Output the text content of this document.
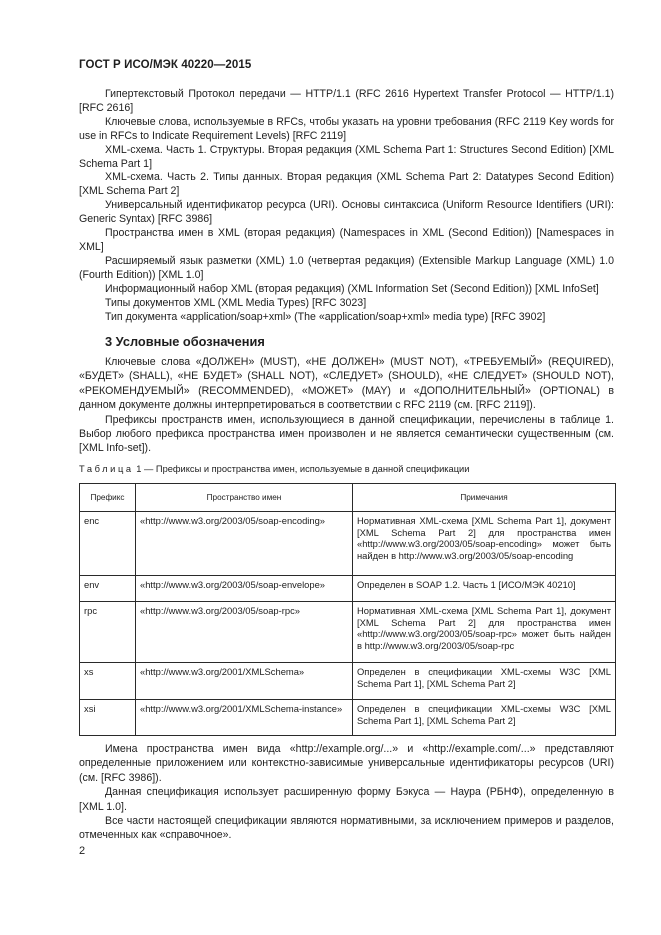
ГОСТ Р ИСО/МЭК 40220—2015

Гипертекстовый Протокол передачи — HTTP/1.1 (RFC 2616 Hypertext Transfer Protocol — HTTP/1.1) [RFC 2616]

Ключевые слова, используемые в RFCs, чтобы указать на уровни требования (RFC 2119 Key words for use in RFCs to Indicate Requirement Levels) [RFC 2119]

XML-схема. Часть 1. Структуры. Вторая редакция (XML Schema Part 1: Structures Second Edition) [XML Schema Part 1]

XML-схема. Часть 2. Типы данных. Вторая редакция (XML Schema Part 2: Datatypes Second Edition) [XML Schema Part 2]

Универсальный идентификатор ресурса (URI). Основы синтаксиса (Uniform Resource Identifiers (URI): Generic Syntax) [RFC 3986]

Пространства имен в XML (вторая редакция) (Namespaces in XML (Second Edition)) [Namespaces in XML]

Расширяемый язык разметки (XML) 1.0 (четвертая редакция) (Extensible Markup Language (XML) 1.0 (Fourth Edition)) [XML 1.0]

Информационный набор XML (вторая редакция) (XML Information Set (Second Edition)) [XML InfoSet]

Типы документов XML (XML Media Types) [RFC 3023]

Тип документа «application/soap+xml» (The «application/soap+xml» media type) [RFC 3902]

3 Условные обозначения

Ключевые слова «ДОЛЖЕН» (MUST), «НЕ ДОЛЖЕН» (MUST NOT), «ТРЕБУЕМЫЙ» (REQUIRED), «БУДЕТ» (SHALL), «НЕ БУДЕТ» (SHALL NOT), «СЛЕДУЕТ» (SHOULD), «НЕ СЛЕДУЕТ» (SHOULD NOT), «РЕКОМЕНДУЕМЫЙ» (RECOMMENDED), «МОЖЕТ» (MAY) и «ДОПОЛНИТЕЛЬНЫЙ» (OPTIONAL) в данном документе должны интерпретироваться в соответствии с RFC 2119 (см. [RFC 2119]).

Префиксы пространств имен, использующиеся в данной спецификации, перечислены в таблице 1. Выбор любого префикса пространства имен произволен и не является семантически существенным (см. [XML Info-set]).

Таблица 1 — Префиксы и пространства имен, используемые в данной спецификации
Префикс	Пространство имен	Примечания
enc	«http://www.w3.org/2003/05/soap-encoding»	Нормативная XML-схема [XML Schema Part 1], документ [XML Schema Part 2] для пространства имен «http://www.w3.org/2003/05/soap-encoding» может быть найден в http://www.w3.org/2003/05/soap-encoding
env	«http://www.w3.org/2003/05/soap-envelope»	Определен в SOAP 1.2. Часть 1 [ИСО/МЭК 40210]
rpc	«http://www.w3.org/2003/05/soap-rpc»	Нормативная XML-схема [XML Schema Part 1], документ [XML Schema Part 2] для пространства имен «http://www.w3.org/2003/05/soap-rpc» может быть найден в http://www.w3.org/2003/05/soap-rpc
xs	«http://www.w3.org/2001/XMLSchema»	Определен в спецификации XML-схемы W3C [XML Schema Part 1], [XML Schema Part 2]
xsi	«http://www.w3.org/2001/XMLSchema-instance»	Определен в спецификации XML-схемы W3C [XML Schema Part 1], [XML Schema Part 2]

Имена пространства имен вида «http://example.org/...» и «http://example.com/...» представляют определенные приложением или контекстно-зависимые универсальные идентификаторы ресурсов (URI) (см. [RFC 3986]).

Данная спецификация использует расширенную форму Бэкуса — Наура (РБНФ), определенную в [XML 1.0].

Все части настоящей спецификации являются нормативными, за исключением примеров и разделов, отмеченных как «справочное».

2
